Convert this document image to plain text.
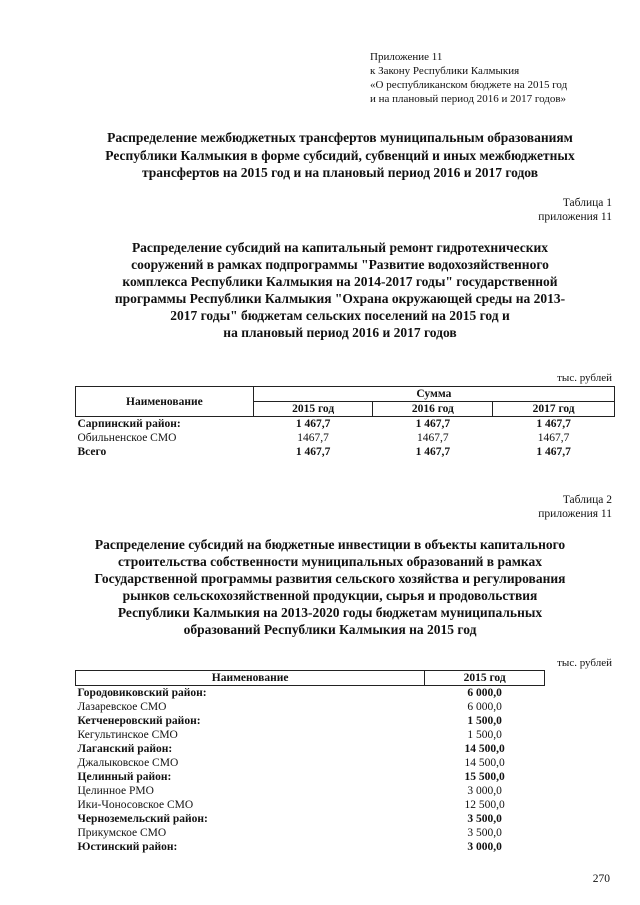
Приложение 11
к Закону Республики Калмыкия
«О республиканском бюджете на 2015 год
и на плановый период 2016 и 2017 годов»
Распределение межбюджетных трансфертов муниципальным образованиям
Республики Калмыкия в форме субсидий, субвенций и иных межбюджетных
трансфертов на 2015 год и на плановый период 2016 и 2017 годов
Таблица 1
приложения 11
Распределение субсидий на капитальный ремонт гидротехнических
сооружений в рамках подпрограммы "Развитие водохозяйственного
комплекса Республики Калмыкия на 2014-2017 годы" государственной
программы Республики Калмыкия "Охрана окружающей среды на 2013-
2017 годы" бюджетам сельских поселений на 2015 год и
на плановый период 2016 и 2017 годов
тыс. рублей
Наименование	Сумма		
	2015 год	2016 год	2017 год
Сарпинский район:	1 467,7	1 467,7	1 467,7
Обильненское СМО	1467,7	1467,7	1467,7
Всего	1 467,7	1 467,7	1 467,7
Таблица 2
приложения 11
Распределение субсидий на бюджетные инвестиции в объекты капитального
строительства собственности муниципальных образований в рамках
Государственной программы развития сельского хозяйства и регулирования
рынков сельскохозяйственной продукции, сырья и продовольствия
Республики Калмыкия на 2013-2020 годы бюджетам муниципальных
образований Республики Калмыкия на 2015 год
тыс. рублей
Наименование	2015 год
Городовиковский район:	6 000,0
Лазаревское СМО	6 000,0
Кетченеровский район:	1 500,0
Кегультинское СМО	1 500,0
Лаганский район:	14 500,0
Джалыковское СМО	14 500,0
Целинный район:	15 500,0
Целинное РМО	3 000,0
Ики-Чоносовское СМО	12 500,0
Черноземельский район:	3 500,0
Прикумское СМО	3 500,0
Юстинский район:	3 000,0
270
